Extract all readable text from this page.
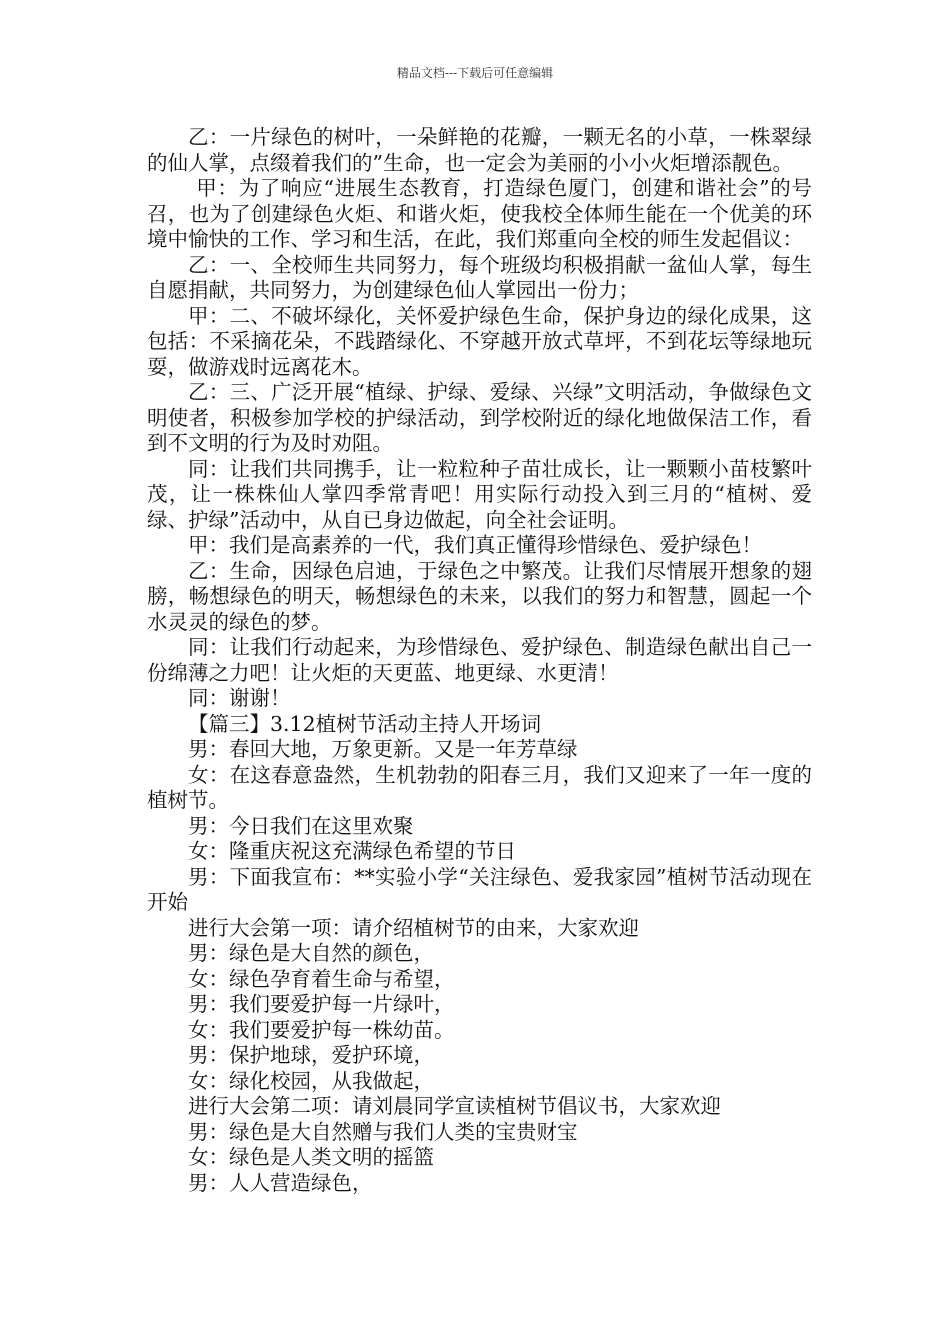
精品文档---下载后可任意编辑

乙：一片绿色的树叶，一朵鲜艳的花瓣，一颗无名的小草，一株翠绿的仙人掌，点缀着我们的”生命，也一定会为美丽的小小火炬增添靓色。

甲：为了响应“进展生态教育，打造绿色厦门，创建和谐社会”的号召，也为了创建绿色火炬、和谐火炬，使我校全体师生能在一个优美的环境中愉快的工作、学习和生活，在此，我们郑重向全校的师生发起倡议：

乙：一、全校师生共同努力，每个班级均积极捐献一盆仙人掌，每生自愿捐献，共同努力，为创建绿色仙人掌园出一份力；

甲：二、不破坏绿化，关怀爱护绿色生命，保护身边的绿化成果，这包括：不采摘花朵，不践踏绿化、不穿越开放式草坪，不到花坛等绿地玩耍，做游戏时远离花木。

乙：三、广泛开展“植绿、护绿、爱绿、兴绿”文明活动，争做绿色文明使者，积极参加学校的护绿活动，到学校附近的绿化地做保洁工作，看到不文明的行为及时劝阻。

同：让我们共同携手，让一粒粒种子苗壮成长，让一颗颗小苗枝繁叶茂，让一株株仙人掌四季常青吧！用实际行动投入到三月的“植树、爱绿、护绿”活动中，从自已身边做起，向全社会证明。

甲：我们是高素养的一代，我们真正懂得珍惜绿色、爱护绿色！

乙：生命，因绿色启迪，于绿色之中繁茂。让我们尽情展开想象的翅膀，畅想绿色的明天，畅想绿色的未来，以我们的努力和智慧，圆起一个水灵灵的绿色的梦。

同：让我们行动起来，为珍惜绿色、爱护绿色、制造绿色献出自己一份绵薄之力吧！让火炬的天更蓝、地更绿、水更清！

同：谢谢！

【篇三】3.12植树节活动主持人开场词

男：春回大地，万象更新。又是一年芳草绿

女：在这春意盎然，生机勃勃的阳春三月，我们又迎来了一年一度的植树节。

男：今日我们在这里欢聚

女：隆重庆祝这充满绿色希望的节日

男：下面我宣布：**实验小学“关注绿色、爱我家园”植树节活动现在开始

进行大会第一项：请介绍植树节的由来，大家欢迎

男：绿色是大自然的颜色，

女：绿色孕育着生命与希望，

男：我们要爱护每一片绿叶，

女：我们要爱护每一株幼苗。

男：保护地球，爱护环境，

女：绿化校园，从我做起，

进行大会第二项：请刘晨同学宣读植树节倡议书，大家欢迎

男：绿色是大自然赠与我们人类的宝贵财宝

女：绿色是人类文明的摇篮

男：人人营造绿色，
